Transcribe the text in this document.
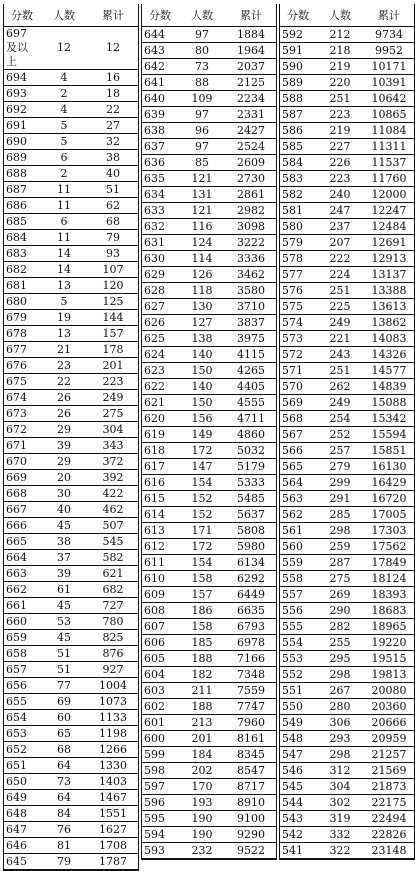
分数	人数	累计
697及以上	12	12
694	4	16
693	2	18
692	4	22
691	5	27
690	5	32
689	6	38
688	2	40
687	11	51
686	11	62
685	6	68
684	11	79
683	14	93
682	14	107
681	13	120
680	5	125
679	19	144
678	13	157
677	21	178
676	23	201
675	22	223
674	26	249
673	26	275
672	29	304
671	39	343
670	29	372
669	20	392
668	30	422
667	40	462
666	45	507
665	38	545
664	37	582
663	39	621
662	61	682
661	45	727
660	53	780
659	45	825
658	51	876
657	51	927
656	77	1004
655	69	1073
654	60	1133
653	65	1198
652	68	1266
651	64	1330
650	73	1403
649	64	1467
648	84	1551
647	76	1627
646	81	1708
645	79	1787
分数	人数	累计
644	97	1884
643	80	1964
642	73	2037
641	88	2125
640	109	2234
639	97	2331
638	96	2427
637	97	2524
636	85	2609
635	121	2730
634	131	2861
633	121	2982
632	116	3098
631	124	3222
630	114	3336
629	126	3462
628	118	3580
627	130	3710
626	127	3837
625	138	3975
624	140	4115
623	150	4265
622	140	4405
621	150	4555
620	156	4711
619	149	4860
618	172	5032
617	147	5179
616	154	5333
615	152	5485
614	152	5637
613	171	5808
612	172	5980
611	154	6134
610	158	6292
609	157	6449
608	186	6635
607	158	6793
606	185	6978
605	188	7166
604	182	7348
603	211	7559
602	188	7747
601	213	7960
600	201	8161
599	184	8345
598	202	8547
597	170	8717
596	193	8910
595	190	9100
594	190	9290
593	232	9522
分数	人数	累计
592	212	9734
591	218	9952
590	219	10171
589	220	10391
588	251	10642
587	223	10865
586	219	11084
585	227	11311
584	226	11537
583	223	11760
582	240	12000
581	247	12247
580	237	12484
579	207	12691
578	222	12913
577	224	13137
576	251	13388
575	225	13613
574	249	13862
573	221	14083
572	243	14326
571	251	14577
570	262	14839
569	249	15088
568	254	15342
567	252	15594
566	257	15851
565	279	16130
564	299	16429
563	291	16720
562	285	17005
561	298	17303
560	259	17562
559	287	17849
558	275	18124
557	269	18393
556	290	18683
555	282	18965
554	255	19220
553	295	19515
552	298	19813
551	267	20080
550	280	20360
549	306	20666
548	293	20959
547	298	21257
546	312	21569
545	304	21873
544	302	22175
543	319	22494
542	332	22826
541	322	23148
